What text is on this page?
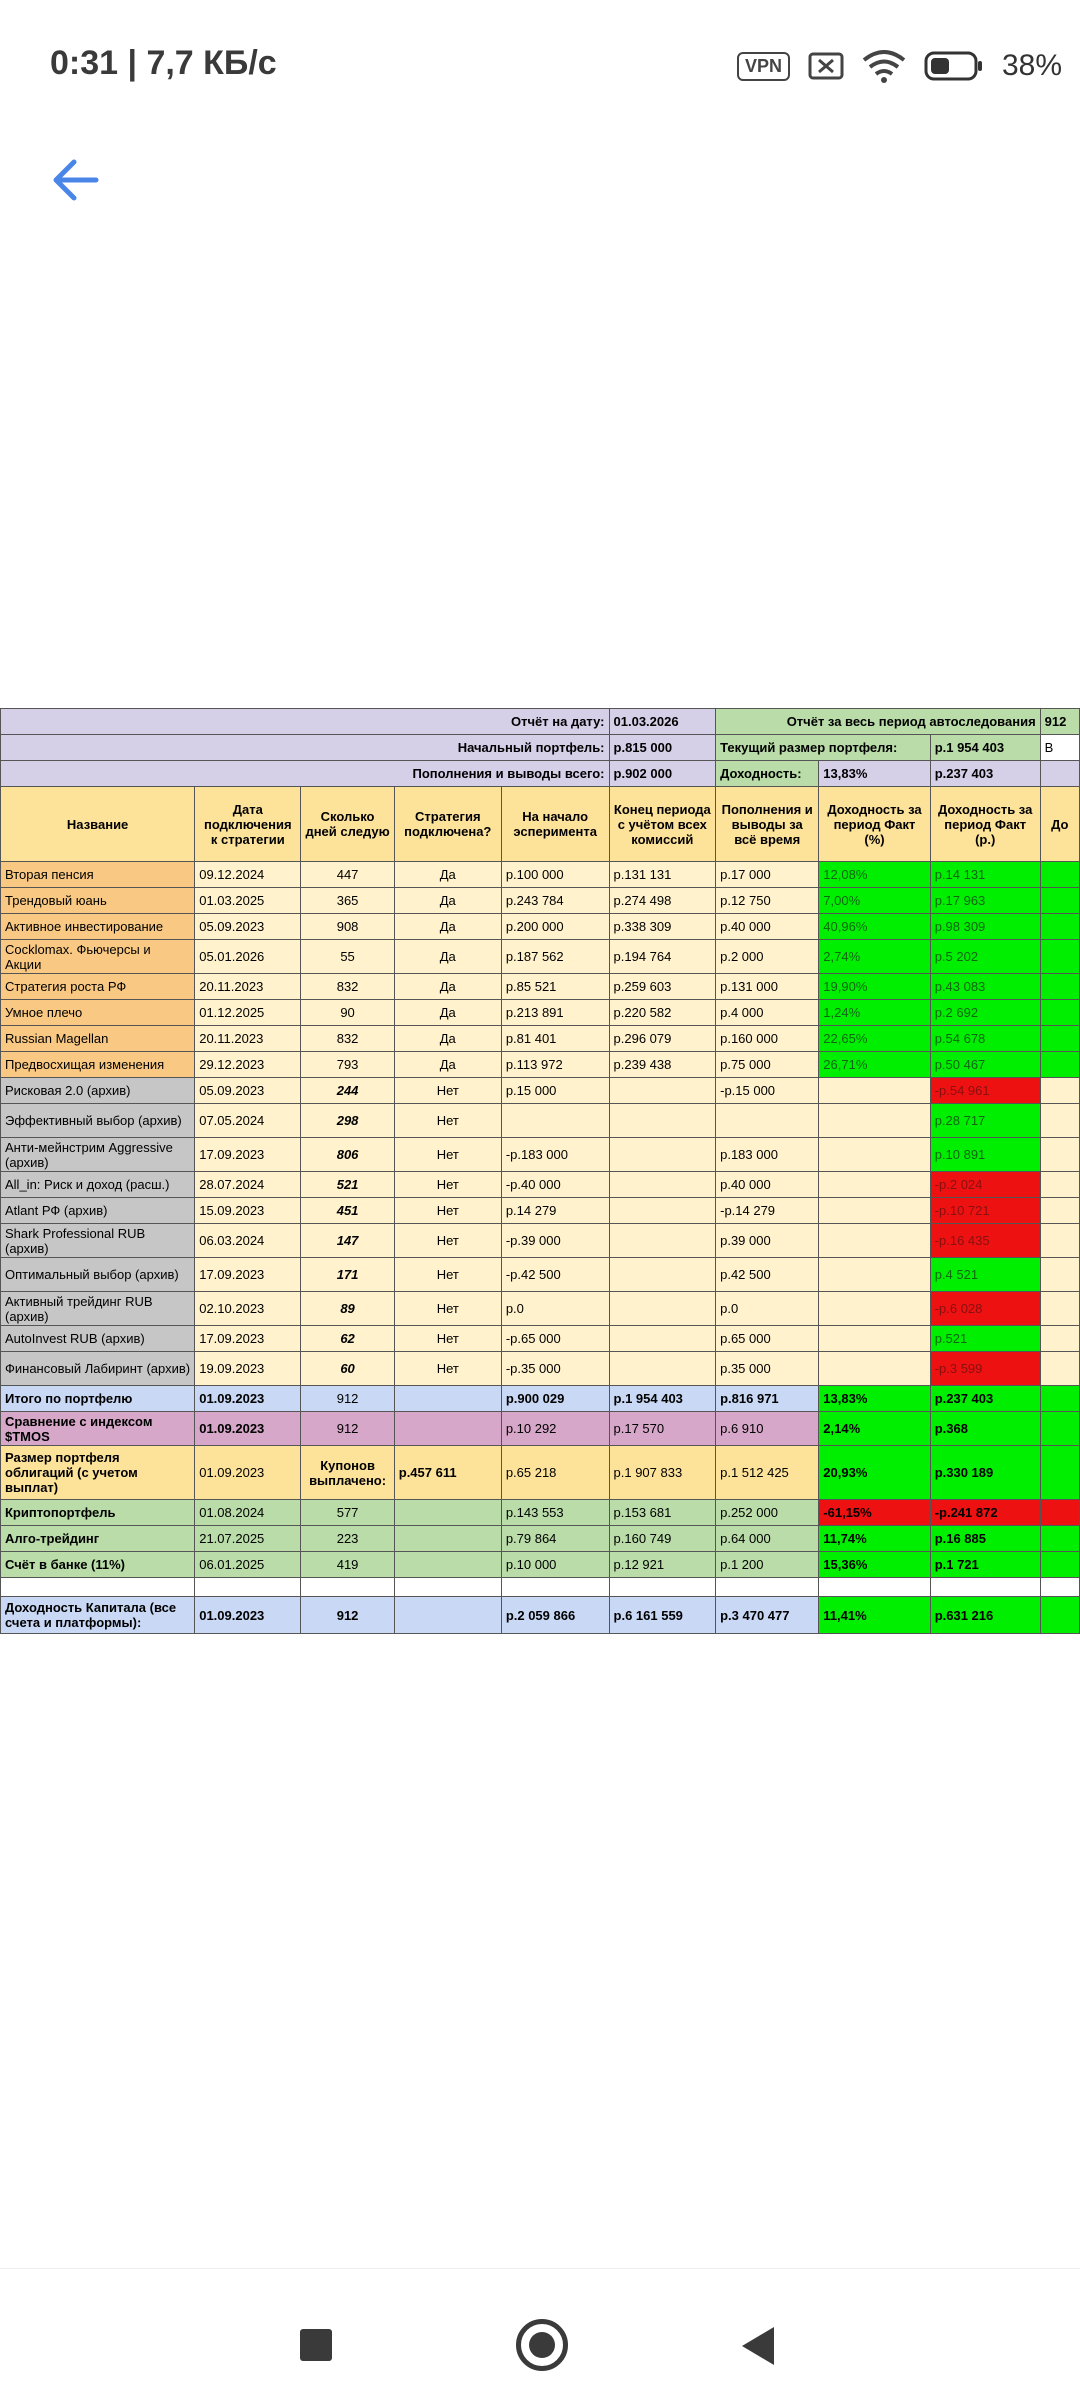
0:31 | 7,7 КБ/с	VPN	38%
Отчёт на дату:					01.03.2026	Отчёт за весь период автоследования			912
Начальный портфель:					р.815 000	Текущий размер портфеля:		р.1 954 403	В
Пополнения и выводы всего:					р.902 000	Доходность:	13,83%	р.237 403	
Название	Дата подключения к стратегии	Сколько дней следую	Стратегия подключена?	На начало эсперимента	Конец периода с учётом всех комиссий	Пополнения и выводы за всё время	Доходность за период Факт (%)	Доходность за период Факт (р.)	До
Вторая пенсия	09.12.2024	447	Да	р.100 000	р.131 131	р.17 000	12,08%	р.14 131	
Трендовый юань	01.03.2025	365	Да	р.243 784	р.274 498	р.12 750	7,00%	р.17 963	
Активное инвестирование	05.09.2023	908	Да	р.200 000	р.338 309	р.40 000	40,96%	р.98 309	
Cocklomax. Фьючерсы и Акции	05.01.2026	55	Да	р.187 562	р.194 764	р.2 000	2,74%	р.5 202	
Стратегия роста РФ	20.11.2023	832	Да	р.85 521	р.259 603	р.131 000	19,90%	р.43 083	
Умное плечо	01.12.2025	90	Да	р.213 891	р.220 582	р.4 000	1,24%	р.2 692	
Russian Magellan	20.11.2023	832	Да	р.81 401	р.296 079	р.160 000	22,65%	р.54 678	
Предвосхищая изменения	29.12.2023	793	Да	р.113 972	р.239 438	р.75 000	26,71%	р.50 467	
Рисковая 2.0 (архив)	05.09.2023	244	Нет	р.15 000		-р.15 000		-р.54 961	
Эффективный выбор (архив)	07.05.2024	298	Нет					р.28 717	
Анти-мейнстрим Aggressive (архив)	17.09.2023	806	Нет	-р.183 000		р.183 000		р.10 891	
All_in: Риск и доход (расш.)	28.07.2024	521	Нет	-р.40 000		р.40 000		-р.2 024	
Atlant РФ (архив)	15.09.2023	451	Нет	р.14 279		-р.14 279		-р.10 721	
Shark Professional RUB (архив)	06.03.2024	147	Нет	-р.39 000		р.39 000		-р.16 435	
Оптимальный выбор (архив)	17.09.2023	171	Нет	-р.42 500		р.42 500		р.4 521	
Активный трейдинг RUB (архив)	02.10.2023	89	Нет	р.0		р.0		-р.6 028	
AutoInvest RUB (архив)	17.09.2023	62	Нет	-р.65 000		р.65 000		р.521	
Финансовый Лабиринт (архив)	19.09.2023	60	Нет	-р.35 000		р.35 000		-р.3 599	
Итого по портфелю	01.09.2023	912		р.900 029	р.1 954 403	р.816 971	13,83%	р.237 403	
Сравнение с индексом $TMOS	01.09.2023	912		р.10 292	р.17 570	р.6 910	2,14%	р.368	
Размер портфеля облигаций (с учетом выплат)	01.09.2023	Купонов выплачено:	р.457 611	р.65 218	р.1 907 833	р.1 512 425	20,93%	р.330 189	
Криптопортфель	01.08.2024	577		р.143 553	р.153 681	р.252 000	-61,15%	-р.241 872	
Алго-трейдинг	21.07.2025	223		р.79 864	р.160 749	р.64 000	11,74%	р.16 885	
Счёт в банке (11%)	06.01.2025	419		р.10 000	р.12 921	р.1 200	15,36%	р.1 721	

Доходность Капитала (все счета и платформы):	01.09.2023	912		р.2 059 866	р.6 161 559	р.3 470 477	11,41%	р.631 216	
